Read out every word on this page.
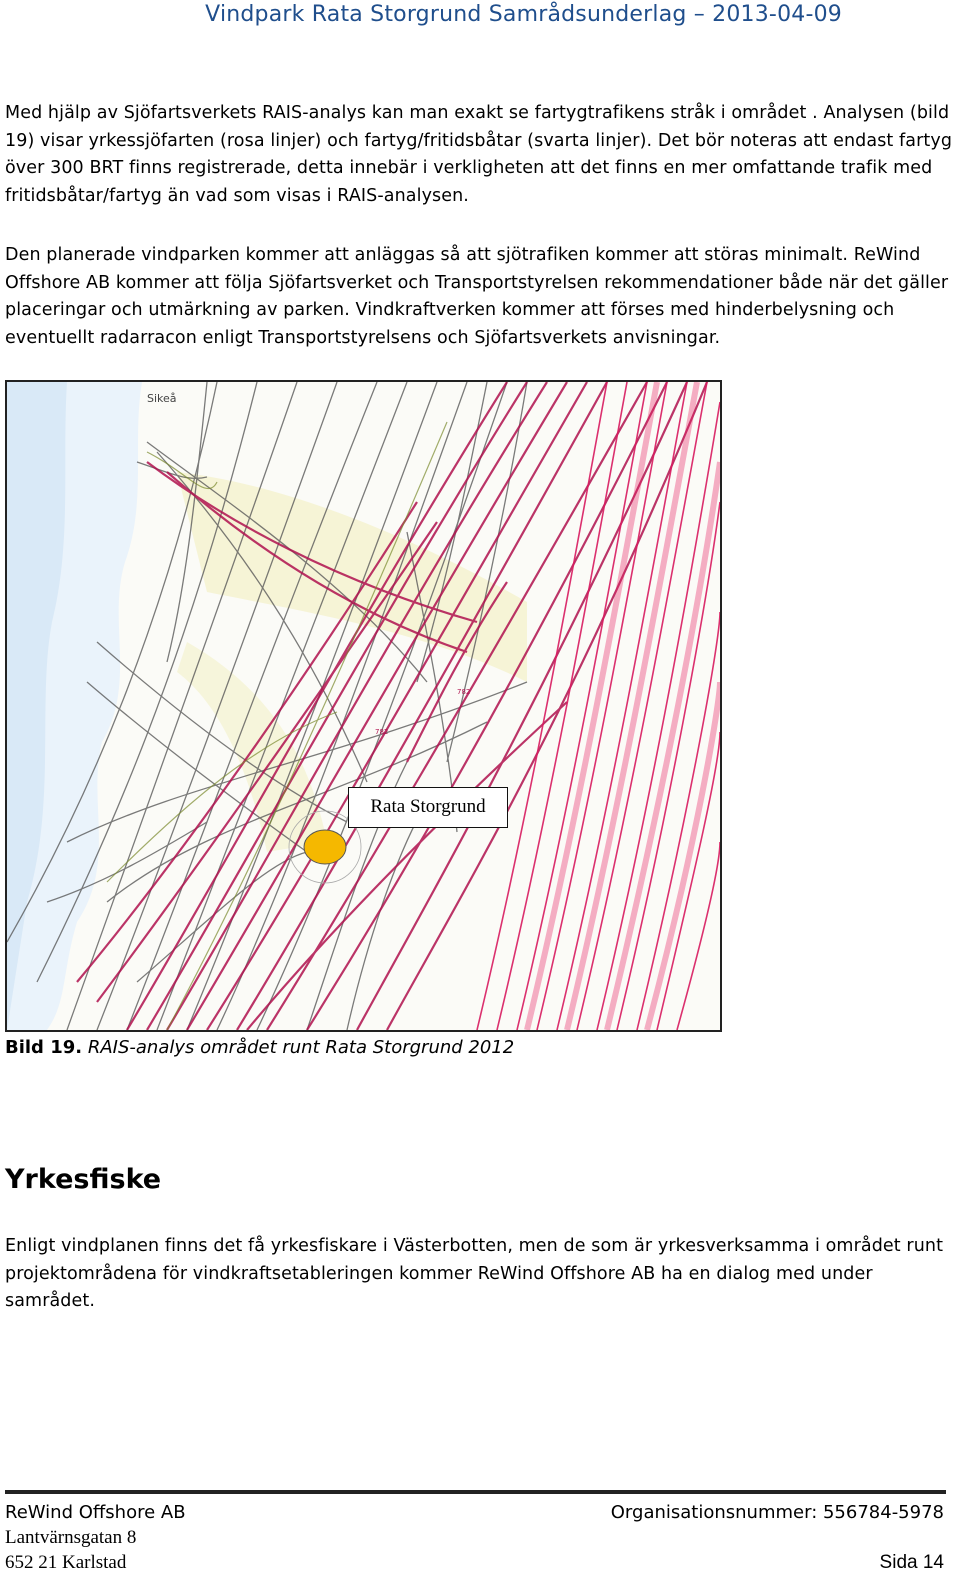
Vindpark Rata Storgrund Samrådsunderlag – 2013-04-09

Med hjälp av Sjöfartsverkets RAIS-analys kan man exakt se fartygtrafikens stråk i området . Analysen (bild 19) visar yrkessjöfarten (rosa linjer) och fartyg/fritidsbåtar (svarta linjer). Det bör noteras att endast fartyg över 300 BRT finns registrerade, detta innebär i verkligheten att det finns en mer omfattande trafik med fritidsbåtar/fartyg än vad som visas i RAIS-analysen.

Den planerade vindparken kommer att anläggas så att sjötrafiken kommer att störas minimalt. ReWind Offshore AB kommer att följa Sjöfartsverket och Transportstyrelsen rekommendationer både när det gäller placeringar och utmärkning av parken. Vindkraftverken kommer att förses med hinderbelysning och eventuellt radarracon enligt Transportstyrelsens och Sjöfartsverkets anvisningar.

Sikeå
782
782
Rata Storgrund
Bild 19. RAIS-analys området runt Rata Storgrund 2012
Yrkesfiske

Enligt vindplanen finns det få yrkesfiskare i Västerbotten, men de som är yrkesverksamma i området runt projektområdena för vindkraftsetableringen kommer ReWind Offshore AB ha en dialog med under samrådet.

ReWind Offshore AB
Lantvärnsgatan 8
652 21 Karlstad
Organisationsnummer: 556784-5978
Sida 14
